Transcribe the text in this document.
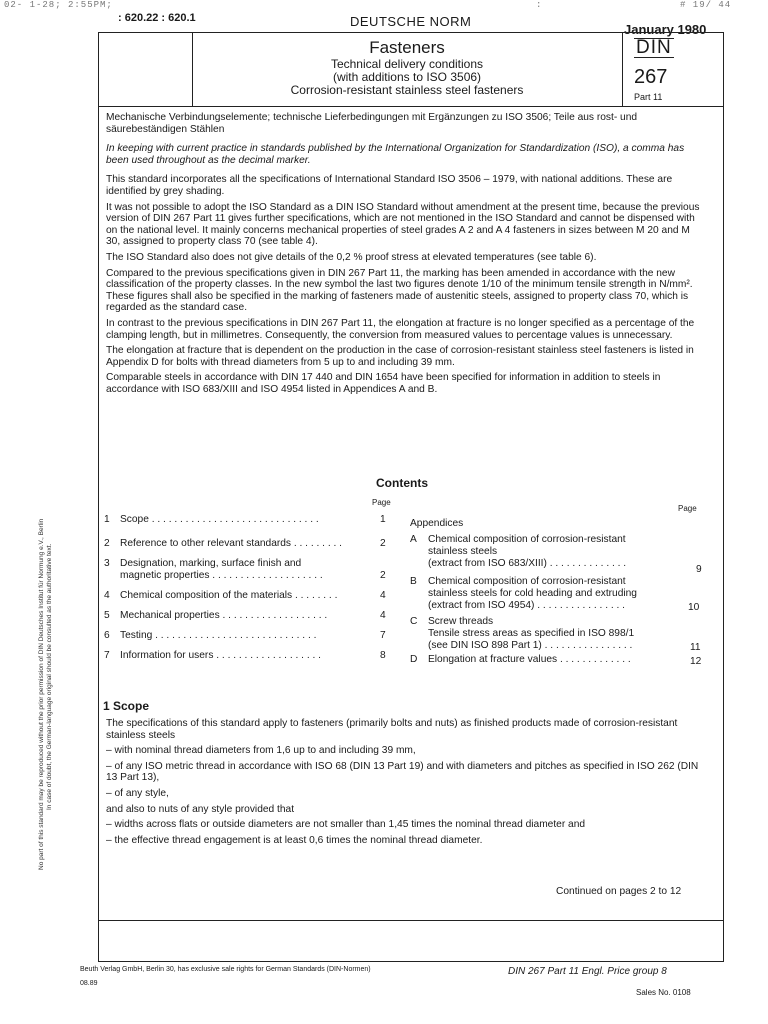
02- 1-28; 2:55PM;	:	# 19/ 44
: 620.22 : 620.1	DEUTSCHE NORM
January 1980
Fasteners
Technical delivery conditions
(with additions to ISO 3506)
Corrosion-resistant stainless steel fasteners
DIN
267
Part 11

Mechanische Verbindungselemente; technische Lieferbedingungen mit Ergänzungen zu ISO 3506; Teile aus rost- und säurebeständigen Stählen

In keeping with current practice in standards published by the International Organization for Standardization (ISO), a comma has been used throughout as the decimal marker.

This standard incorporates all the specifications of International Standard ISO 3506 – 1979, with national additions. These are identified by grey shading.

It was not possible to adopt the ISO Standard as a DIN ISO Standard without amendment at the present time, because the previous version of DIN 267 Part 11 gives further specifications, which are not mentioned in the ISO Standard and cannot be dispensed with on the national level. It mainly concerns mechanical properties of steel grades A 2 and A 4 fasteners in sizes between M 20 and M 30, assigned to property class 70 (see table 4).

The ISO Standard also does not give details of the 0,2 % proof stress at elevated temperatures (see table 6).

Compared to the previous specifications given in DIN 267 Part 11, the marking has been amended in accordance with the new classification of the property classes. In the new symbol the last two figures denote 1/10 of the minimum tensile strength in N/mm². These figures shall also be specified in the marking of fasteners made of austenitic steels, assigned to property class 70, which is regarded as the standard case.

In contrast to the previous specifications in DIN 267 Part 11, the elongation at fracture is no longer specified as a percentage of the clamping length, but in millimetres. Consequently, the conversion from measured values to percentage values is unnecessary.

The elongation at fracture that is dependent on the production in the case of corrosion-resistant stainless steel fasteners is listed in Appendix D for bolts with thread diameters from 5 up to and including 39 mm.

Comparable steels in accordance with DIN 17 440 and DIN 1654 have been specified for information in addition to steels in accordance with ISO 683/XIII and ISO 4954 listed in Appendices A and B.

Contents
Page
Page
1	Scope . . . . . . . . . . . . . . . . . . . . . . . . . . . . . .	1
2	Reference to other relevant standards . . . . . . . . .	2
3	Designation, marking, surface finish and
magnetic properties . . . . . . . . . . . . . . . . . . . .	2
4	Chemical composition of the materials . . . . . . . .	4
5	Mechanical properties . . . . . . . . . . . . . . . . . . .	4
6	Testing . . . . . . . . . . . . . . . . . . . . . . . . . . . . .	7
7	Information for users . . . . . . . . . . . . . . . . . . .	8
Appendices
A Chemical composition of corrosion-resistant
stainless steels
(extract from ISO 683/XIII) . . . . . . . . . . . . . .
9
B Chemical composition of corrosion-resistant
stainless steels for cold heading and extruding
(extract from ISO 4954) . . . . . . . . . . . . . . . .	10
C Screw threads
Tensile stress areas as specified in ISO 898/1
(see DIN ISO 898 Part 1) . . . . . . . . . . . . . . . .	11
D Elongation at fracture values . . . . . . . . . . . . .	12
1 Scope

The specifications of this standard apply to fasteners (primarily bolts and nuts) as finished products made of corrosion-resistant stainless steels

– with nominal thread diameters from 1,6 up to and including 39 mm,

– of any ISO metric thread in accordance with ISO 68 (DIN 13 Part 19) and with diameters and pitches as specified in ISO 262 (DIN 13 Part 13),

– of any style,

and also to nuts of any style provided that

– widths across flats or outside diameters are not smaller than 1,45 times the nominal thread diameter and

– the effective thread engagement is at least 0,6 times the nominal thread diameter.

Continued on pages 2 to 12
Beuth Verlag GmbH, Berlin 30, has exclusive sale rights for German Standards (DIN-Normen)
08.89
DIN 267 Part 11 Engl. Price group 8
Sales No. 0108
No part of this standard may be reproduced without the prior permission of DIN Deutsches Institut für Normung e.V., Berlin In case of doubt, the German-language original should be consulted as the authoritative text.
